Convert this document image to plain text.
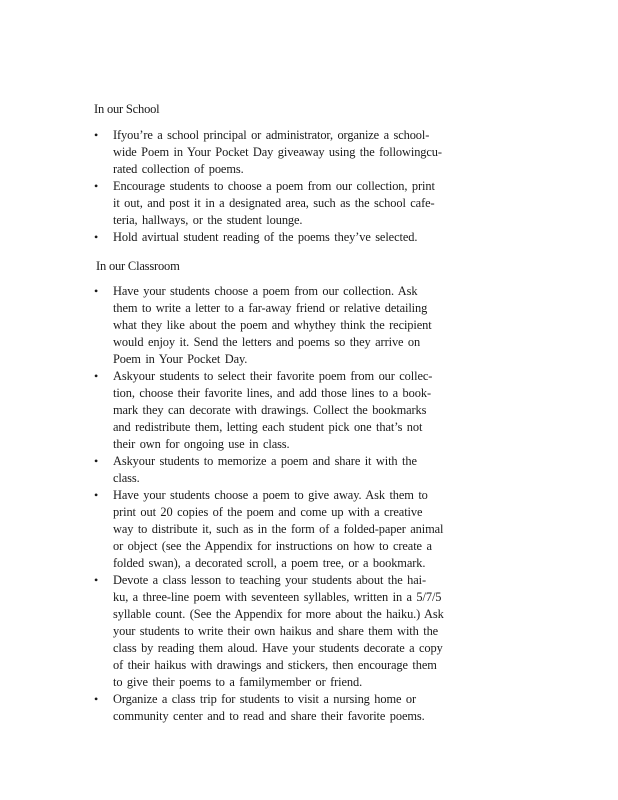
In our School
• Ifyou’re a school principal or administrator, organize a school-
wide Poem in Your Pocket Day giveaway using the followingcu-
rated collection of poems.
• Encourage students to choose a poem from our collection, print
it out, and post it in a designated area, such as the school cafe-
teria, hallways, or the student lounge.
• Hold avirtual student reading of the poems they’ve selected.
In our Classroom
• Have your students choose a poem from our collection. Ask
them to write a letter to a far-away friend or relative detailing
what they like about the poem and whythey think the recipient
would enjoy it. Send the letters and poems so they arrive on
Poem in Your Pocket Day.
• Askyour students to select their favorite poem from our collec-
tion, choose their favorite lines, and add those lines to a book-
mark they can decorate with drawings. Collect the bookmarks
and redistribute them, letting each student pick one that’s not
their own for ongoing use in class.
• Askyour students to memorize a poem and share it with the
class.
• Have your students choose a poem to give away. Ask them to
print out 20 copies of the poem and come up with a creative
way to distribute it, such as in the form of a folded-paper animal
or object (see the Appendix for instructions on how to create a
folded swan), a decorated scroll, a poem tree, or a bookmark.
• Devote a class lesson to teaching your students about the hai-
ku, a three-line poem with seventeen syllables, written in a 5/7/5
syllable count. (See the Appendix for more about the haiku.) Ask
your students to write their own haikus and share them with the
class by reading them aloud. Have your students decorate a copy
of their haikus with drawings and stickers, then encourage them
to give their poems to a familymember or friend.
• Organize a class trip for students to visit a nursing home or
community center and to read and share their favorite poems.
